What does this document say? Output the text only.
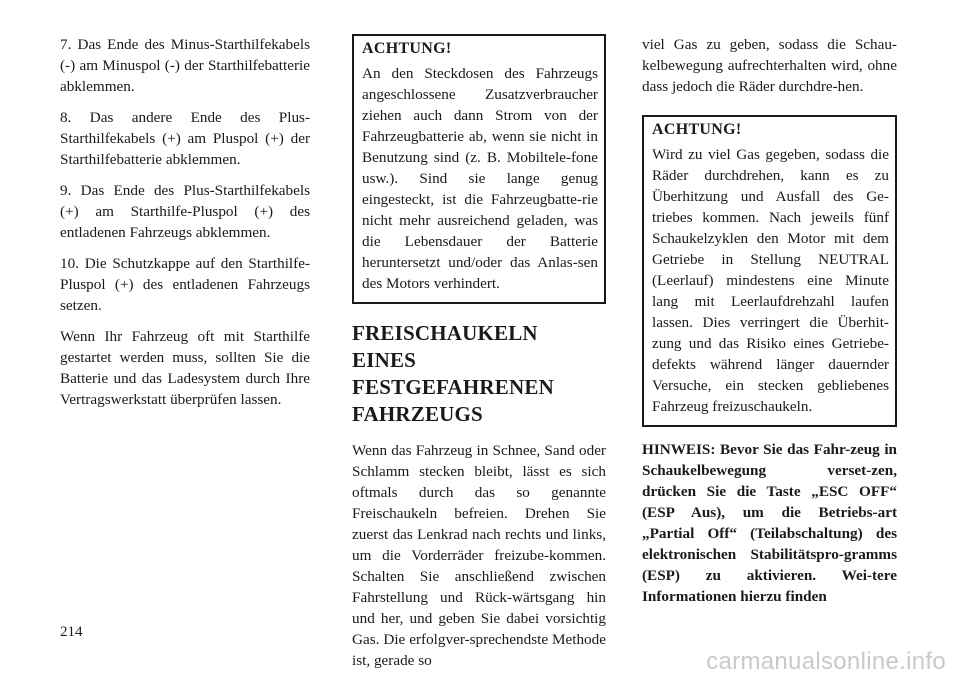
7. Das Ende des Minus-Starthilfekabels (-) am Minuspol (-) der Starthilfebatterie abklemmen.

8. Das andere Ende des Plus-Starthilfekabels (+) am Pluspol (+) der Starthilfebatterie abklemmen.

9. Das Ende des Plus-Starthilfekabels (+) am Starthilfe-Pluspol (+) des entladenen Fahrzeugs abklemmen.

10. Die Schutzkappe auf den Starthilfe-Pluspol (+) des entladenen Fahrzeugs setzen.

Wenn Ihr Fahrzeug oft mit Starthilfe gestartet werden muss, sollten Sie die Batterie und das Ladesystem durch Ihre Vertragswerkstatt überprüfen lassen.

ACHTUNG!

An den Steckdosen des Fahrzeugs angeschlossene Zusatzverbraucher ziehen auch dann Strom von der Fahrzeugbatterie ab, wenn sie nicht in Benutzung sind (z. B. Mobiltele-fone usw.). Sind sie lange genug eingesteckt, ist die Fahrzeugbatte-rie nicht mehr ausreichend geladen, was die Lebensdauer der Batterie heruntersetzt und/oder das Anlas-sen des Motors verhindert.

FREISCHAUKELN EINES FESTGEFAHRENEN FAHRZEUGS

Wenn das Fahrzeug in Schnee, Sand oder Schlamm stecken bleibt, lässt es sich oftmals durch das so genannte Freischaukeln befreien. Drehen Sie zuerst das Lenkrad nach rechts und links, um die Vorderräder freizube-kommen. Schalten Sie anschließend zwischen Fahrstellung und Rück-wärtsgang hin und her, und geben Sie dabei vorsichtig Gas. Die erfolgver-sprechendste Methode ist, gerade so

viel Gas zu geben, sodass die Schau-kelbewegung aufrechterhalten wird, ohne dass jedoch die Räder durchdre-hen.

ACHTUNG!

Wird zu viel Gas gegeben, sodass die Räder durchdrehen, kann es zu Überhitzung und Ausfall des Ge-triebes kommen. Nach jeweils fünf Schaukelzyklen den Motor mit dem Getriebe in Stellung NEUTRAL (Leerlauf) mindestens eine Minute lang mit Leerlaufdrehzahl laufen lassen. Dies verringert die Überhit-zung und das Risiko eines Getriebe-defekts während länger dauernder Versuche, ein stecken gebliebenes Fahrzeug freizuschaukeln.

HINWEIS: Bevor Sie das Fahr-zeug in Schaukelbewegung verset-zen, drücken Sie die Taste „ESC OFF“ (ESP Aus), um die Betriebs-art „Partial Off“ (Teilabschaltung) des elektronischen Stabilitätspro-gramms (ESP) zu aktivieren. Wei-tere Informationen hierzu finden

214
carmanualsonline.info
